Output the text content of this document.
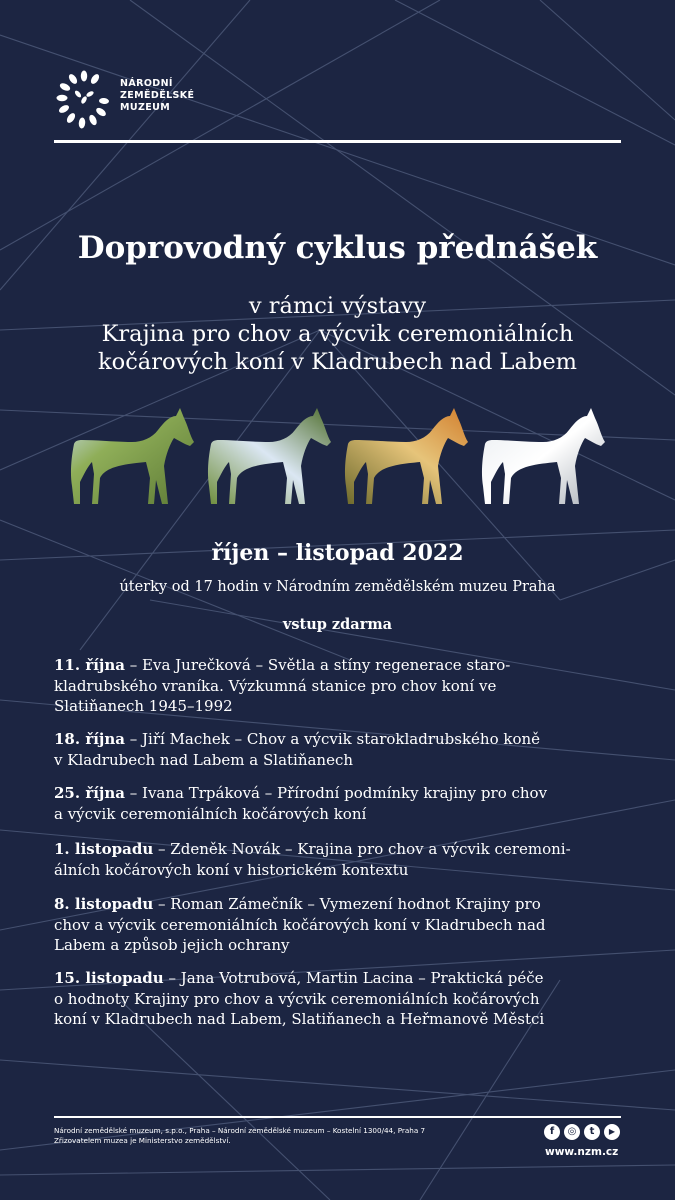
NÁRODNÍ
ZEMĚDĚLSKÉ
MUZEUM
Doprovodný cyklus přednášek
v rámci výstavy
Krajina pro chov a výcvik ceremoniálních
kočárových koní v Kladrubech nad Labem
říjen – listopad 2022
úterky od 17 hodin v Národním zemědělském muzeu Praha
vstup zdarma
11. října – Eva Jurečková – Světla a stíny regenerace staro-
kladrubského vraníka. Výzkumná stanice pro chov koní ve
Slatiňanech 1945–1992
18. října – Jiří Machek – Chov a výcvik starokladrubského koně
v Kladrubech nad Labem a Slatiňanech
25. října – Ivana Trpáková – Přírodní podmínky krajiny pro chov
a výcvik ceremoniálních kočárových koní
1. listopadu – Zdeněk Novák – Krajina pro chov a výcvik ceremoni-
álních kočárových koní v historickém kontextu
8. listopadu – Roman Zámečník – Vymezení hodnot Krajiny pro
chov a výcvik ceremoniálních kočárových koní v Kladrubech nad
Labem a způsob jejich ochrany
15. listopadu – Jana Votrubová, Martin Lacina – Praktická péče
o hodnoty Krajiny pro chov a výcvik ceremoniálních kočárových
koní v Kladrubech nad Labem, Slatiňanech a Heřmanově Městci
Národní zemědělské muzeum, s.p.o., Praha – Národní zemědělské muzeum – Kostelní 1300/44, Praha 7
Zřizovatelem muzea je Ministerstvo zemědělství.
f	◎	t	▶
www.nzm.cz
